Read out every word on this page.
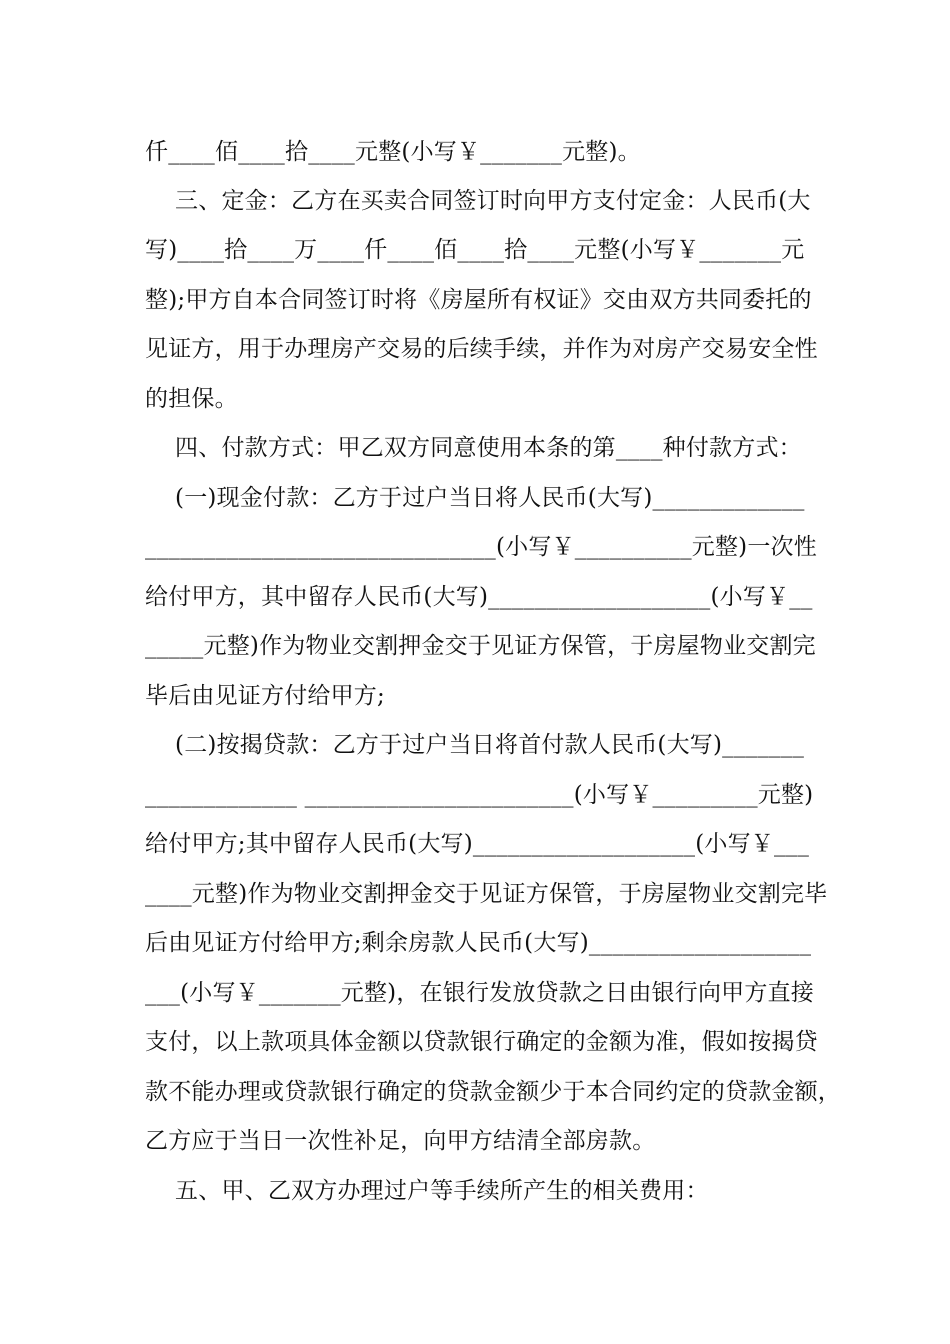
仟____佰____拾____元整(小写￥_______元整)。
三、定金：乙方在买卖合同签订时向甲方支付定金：人民币(大
写)____拾____万____仟____佰____拾____元整(小写￥_______元
整);甲方自本合同签订时将《房屋所有权证》交由双方共同委托的
见证方，用于办理房产交易的后续手续，并作为对房产交易安全性
的担保。
四、付款方式：甲乙双方同意使用本条的第____种付款方式：
(一)现金付款：乙方于过户当日将人民币(大写)_____________
______________________________(小写￥__________元整)一次性
给付甲方，其中留存人民币(大写)___________________(小写￥__
_____元整)作为物业交割押金交于见证方保管，于房屋物业交割完
毕后由见证方付给甲方;
(二)按揭贷款：乙方于过户当日将首付款人民币(大写)_______
_____________ _______________________(小写￥_________元整)
给付甲方;其中留存人民币(大写)___________________(小写￥___
____元整)作为物业交割押金交于见证方保管，于房屋物业交割完毕
后由见证方付给甲方;剩余房款人民币(大写)___________________
___(小写￥_______元整)，在银行发放贷款之日由银行向甲方直接
支付，以上款项具体金额以贷款银行确定的金额为准，假如按揭贷
款不能办理或贷款银行确定的贷款金额少于本合同约定的贷款金额，
乙方应于当日一次性补足，向甲方结清全部房款。
五、甲、乙双方办理过户等手续所产生的相关费用：
